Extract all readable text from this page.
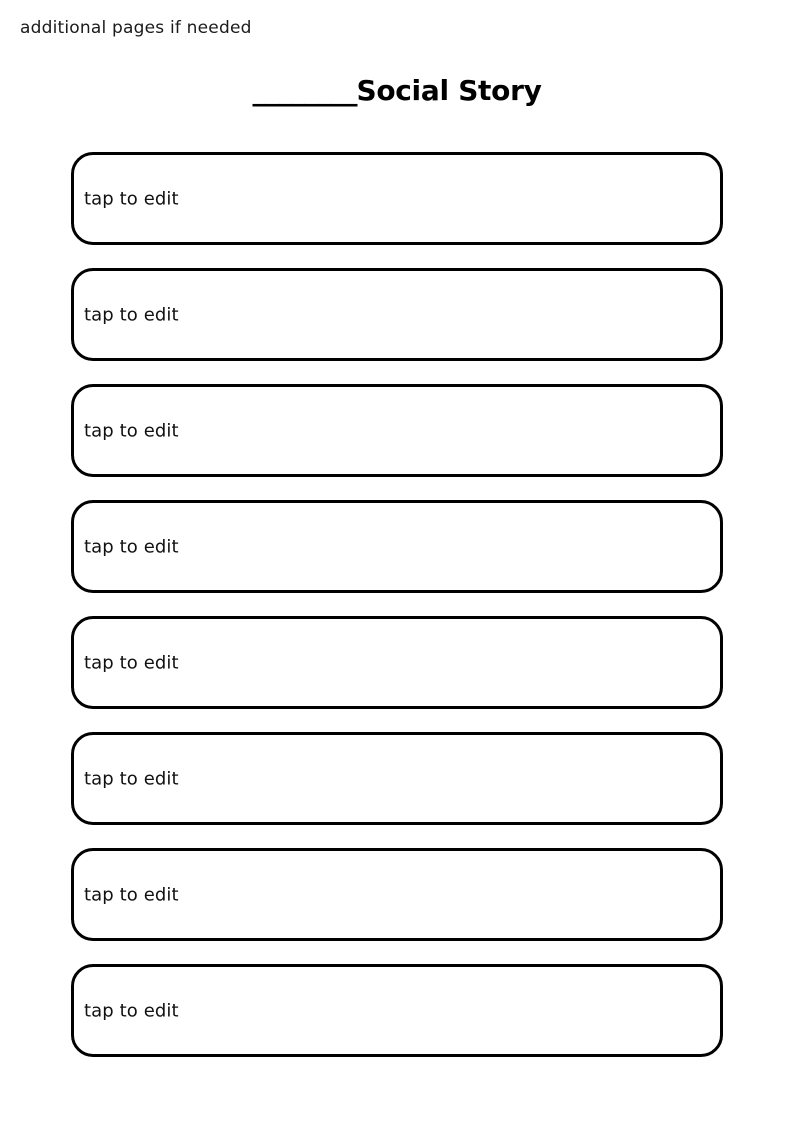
additional pages if needed
________Social Story
tap to edit
tap to edit
tap to edit
tap to edit
tap to edit
tap to edit
tap to edit
tap to edit
